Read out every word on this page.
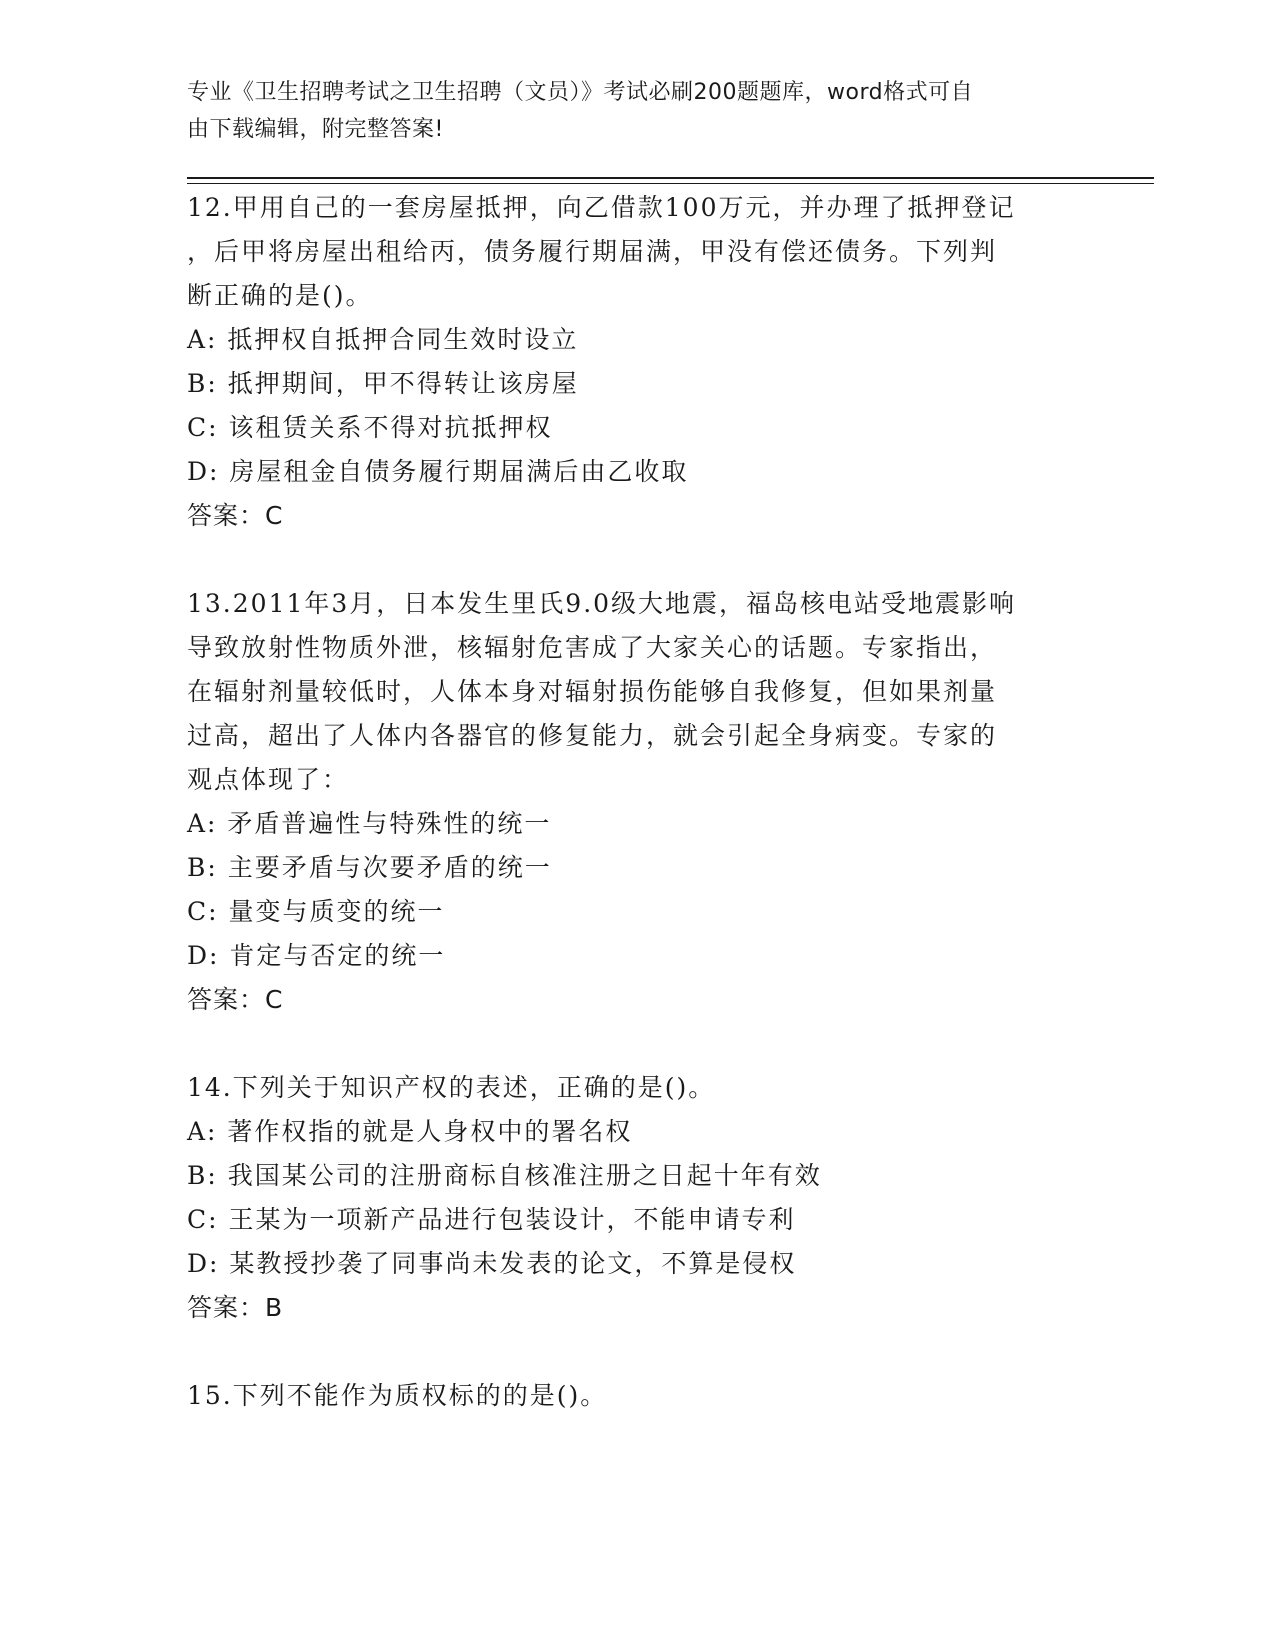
专业《卫生招聘考试之卫生招聘（文员）》考试必刷200题题库，word格式可自
由下载编辑，附完整答案!
12.甲用自己的一套房屋抵押，向乙借款100万元，并办理了抵押登记
，后甲将房屋出租给丙，债务履行期届满，甲没有偿还债务。下列判
断正确的是()。
A: 抵押权自抵押合同生效时设立
B: 抵押期间，甲不得转让该房屋
C: 该租赁关系不得对抗抵押权
D: 房屋租金自债务履行期届满后由乙收取
答案：C
13.2011年3月，日本发生里氏9.0级大地震，福岛核电站受地震影响
导致放射性物质外泄，核辐射危害成了大家关心的话题。专家指出，
在辐射剂量较低时，人体本身对辐射损伤能够自我修复，但如果剂量
过高，超出了人体内各器官的修复能力，就会引起全身病变。专家的
观点体现了：
A: 矛盾普遍性与特殊性的统一
B: 主要矛盾与次要矛盾的统一
C: 量变与质变的统一
D: 肯定与否定的统一
答案：C
14.下列关于知识产权的表述，正确的是()。
A: 著作权指的就是人身权中的署名权
B: 我国某公司的注册商标自核准注册之日起十年有效
C: 王某为一项新产品进行包装设计，不能申请专利
D: 某教授抄袭了同事尚未发表的论文，不算是侵权
答案：B
15.下列不能作为质权标的的是()。
